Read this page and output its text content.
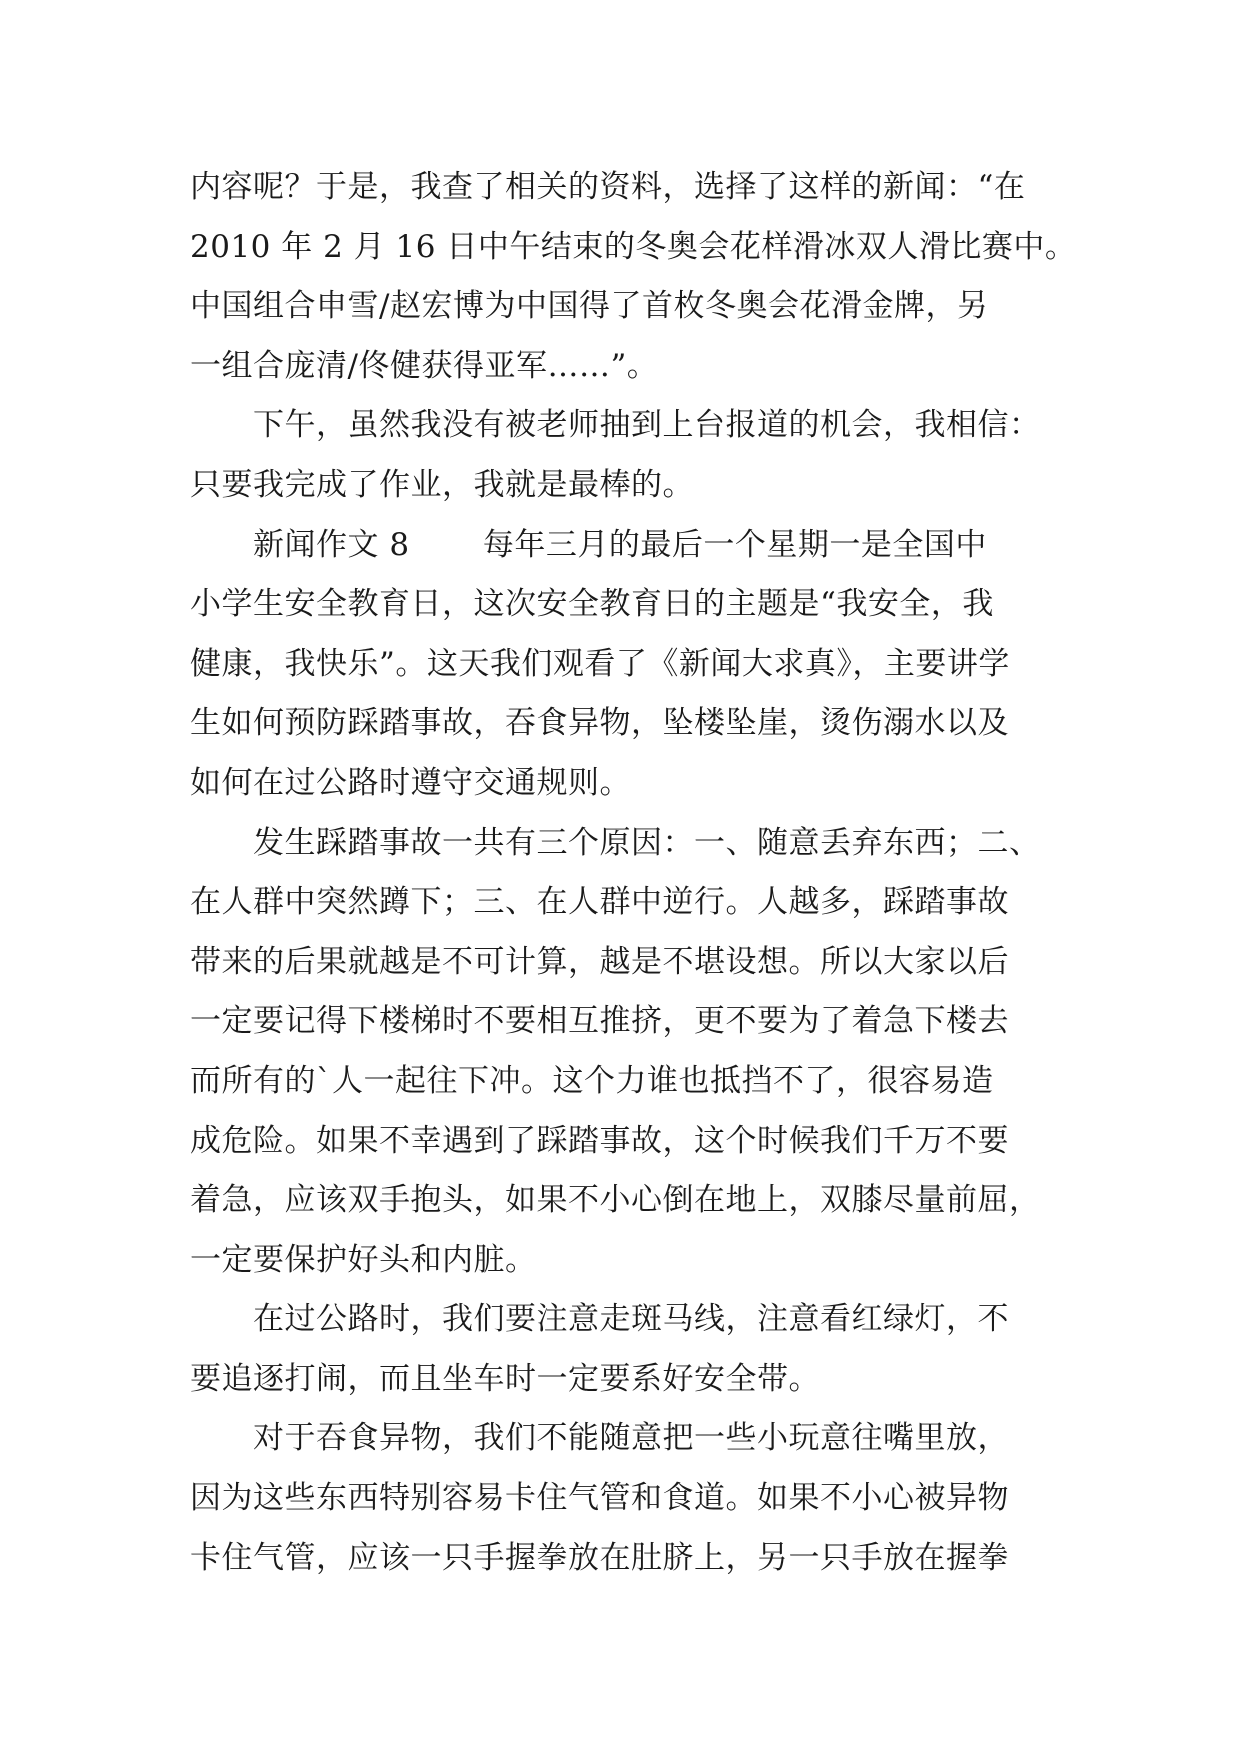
内容呢？于是，我查了相关的资料，选择了这样的新闻：“在
2010 年 2 月 16 日中午结束的冬奥会花样滑冰双人滑比赛中。
中国组合申雪/赵宏博为中国得了首枚冬奥会花滑金牌，另
一组合庞清/佟健获得亚军……”。
　　下午，虽然我没有被老师抽到上台报道的机会，我相信：
只要我完成了作业，我就是最棒的。
　　新闻作文 8　　 每年三月的最后一个星期一是全国中
小学生安全教育日，这次安全教育日的主题是“我安全，我
健康，我快乐”。这天我们观看了《新闻大求真》，主要讲学
生如何预防踩踏事故，吞食异物，坠楼坠崖，烫伤溺水以及
如何在过公路时遵守交通规则。
　　发生踩踏事故一共有三个原因：一、随意丢弃东西；二、
在人群中突然蹲下；三、在人群中逆行。人越多，踩踏事故
带来的后果就越是不可计算，越是不堪设想。所以大家以后
一定要记得下楼梯时不要相互推挤，更不要为了着急下楼去
而所有的`人一起往下冲。这个力谁也抵挡不了，很容易造
成危险。如果不幸遇到了踩踏事故，这个时候我们千万不要
着急，应该双手抱头，如果不小心倒在地上，双膝尽量前屈，
一定要保护好头和内脏。
　　在过公路时，我们要注意走斑马线，注意看红绿灯，不
要追逐打闹，而且坐车时一定要系好安全带。
　　对于吞食异物，我们不能随意把一些小玩意往嘴里放，
因为这些东西特别容易卡住气管和食道。如果不小心被异物
卡住气管，应该一只手握拳放在肚脐上，另一只手放在握拳
